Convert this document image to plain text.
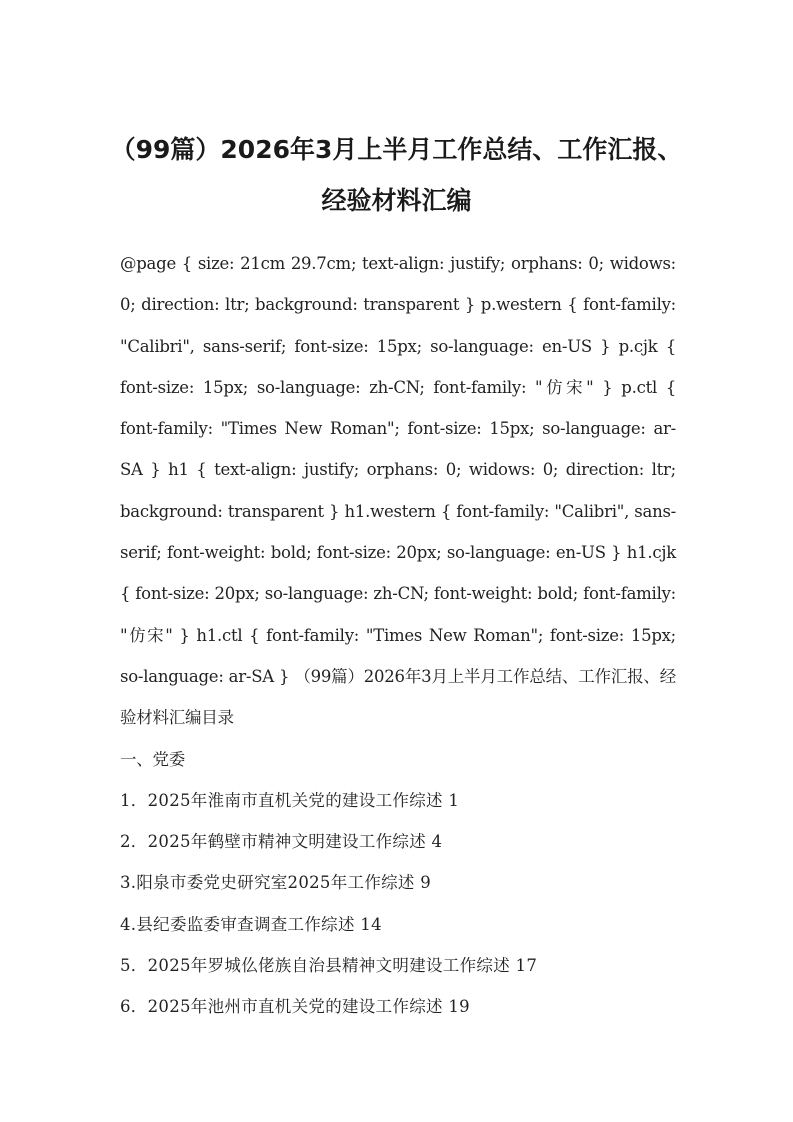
（99篇）2026年3月上半月工作总结、工作汇报、经验材料汇编

@page { size: 21cm 29.7cm; text-align: justify; orphans: 0; widows: 0; direction: ltr; background: transparent } p.western { font-family: "Calibri", sans-serif; font-size: 15px; so-language: en-US } p.cjk { font-size: 15px; so-language: zh-CN; font-family: "仿宋" } p.ctl { font-family: "Times New Roman"; font-size: 15px; so-language: ar-SA } h1 { text-align: justify; orphans: 0; widows: 0; direction: ltr; background: transparent } h1.western { font-family: "Calibri", sans-serif; font-weight: bold; font-size: 20px; so-language: en-US } h1.cjk { font-size: 20px; so-language: zh-CN; font-weight: bold; font-family: "仿宋" } h1.ctl { font-family: "Times New Roman"; font-size: 15px; so-language: ar-SA } （99篇）2026年3月上半月工作总结、工作汇报、经验材料汇编目录

一、党委

1．2025年淮南市直机关党的建设工作综述 1

2．2025年鹤壁市精神文明建设工作综述 4

3.阳泉市委党史研究室2025年工作综述 9

4.县纪委监委审查调查工作综述 14

5．2025年罗城仫佬族自治县精神文明建设工作综述 17

6．2025年池州市直机关党的建设工作综述 19
